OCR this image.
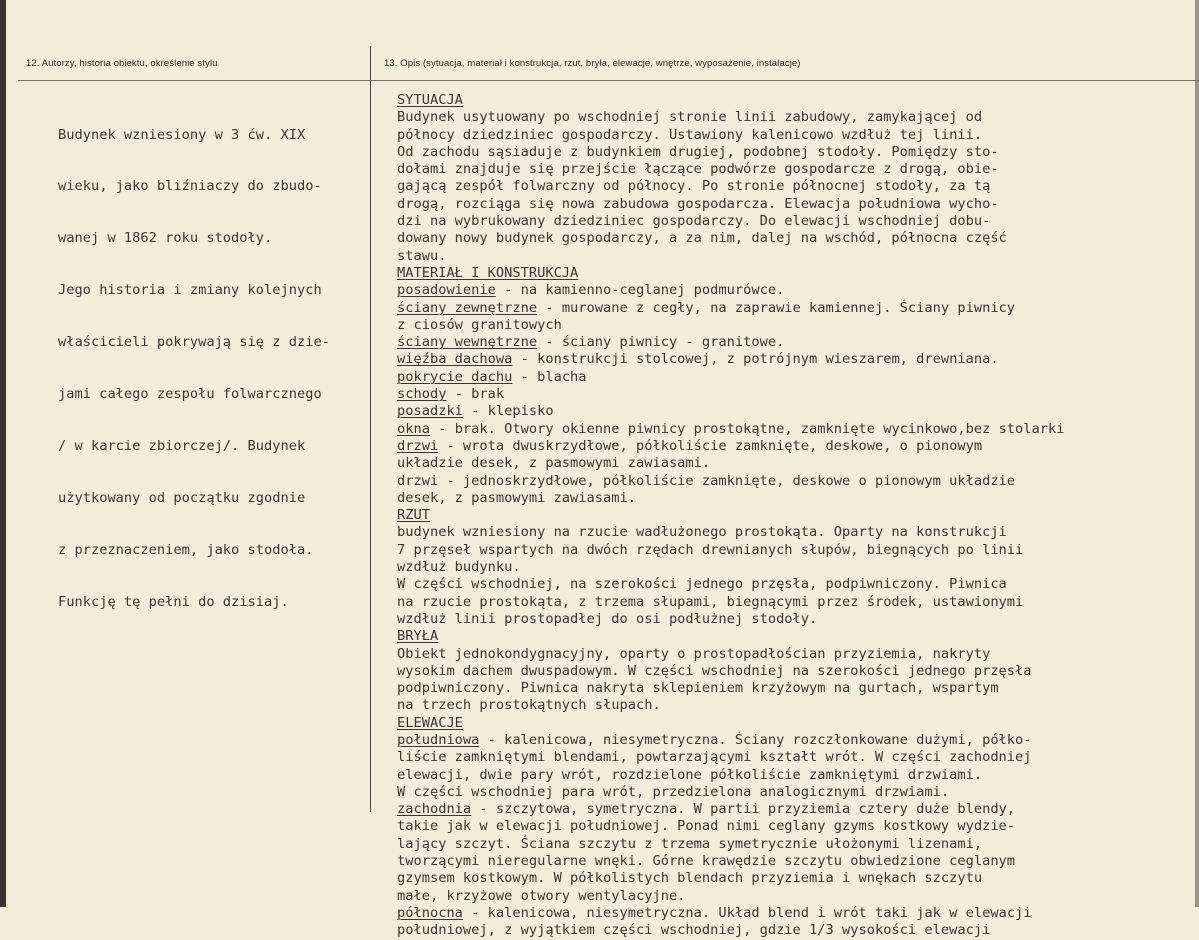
12. Autorzy, historia obiektu, określenie stylu	13. Opis (sytuacja, materiał i konstrukcja, rzut, bryła, elewacje, wnętrze, wyposażenie, instalacje)

Budynek wzniesiony w 3 ćw. XIX

wieku, jako bliźniaczy do zbudo-

wanej w 1862 roku stodoły.

Jego historia i zmiany kolejnych

właścicieli pokrywają się z dzie-

jami całego zespołu folwarcznego

/ w karcie zbiorczej/. Budynek

użytkowany od początku zgodnie

z przeznaczeniem, jako stodoła.

Funkcję tę pełni do dzisiaj.

SYTUACJA
Budynek usytuowany po wschodniej stronie linii zabudowy, zamykającej od
północy dziedziniec gospodarczy. Ustawiony kalenicowo wzdłuż tej linii.
Od zachodu sąsiaduje z budynkiem drugiej, podobnej stodoły. Pomiędzy sto-
dołami znajduje się przejście łączące podwórze gospodarcze z drogą, obie-
gającą zespół folwarczny od północy. Po stronie północnej stodoły, za tą
drogą, rozciąga się nowa zabudowa gospodarcza. Elewacja południowa wycho-
dzi na wybrukowany dziedziniec gospodarczy. Do elewacji wschodniej dobu-
dowany nowy budynek gospodarczy, a za nim, dalej na wschód, północna część
stawu.
MATERIAŁ I KONSTRUKCJA
posadowienie - na kamienno-ceglanej podmurówce.
ściany zewnętrzne - murowane z cegły, na zaprawie kamiennej. Ściany piwnicy
z ciosów granitowych
ściany wewnętrzne - ściany piwnicy - granitowe.
więźba dachowa - konstrukcji stolcowej, z potrójnym wieszarem, drewniana.
pokrycie dachu - blacha
schody - brak
posadzki - klepisko
okna - brak. Otwory okienne piwnicy prostokątne, zamknięte wycinkowo,bez stolarki
drzwi - wrota dwuskrzydłowe, półkoliście zamknięte, deskowe, o pionowym
układzie desek, z pasmowymi zawiasami.
drzwi - jednoskrzydłowe, półkoliście zamknięte, deskowe o pionowym układzie
desek, z pasmowymi zawiasami.
RZUT
budynek wzniesiony na rzucie wadłużonego prostokąta. Oparty na konstrukcji
7 przęseł wspartych na dwóch rzędach drewnianych słupów, biegnących po linii
wzdłuż budynku.
W części wschodniej, na szerokości jednego przęsła, podpiwniczony. Piwnica
na rzucie prostokąta, z trzema słupami, biegnącymi przez środek, ustawionymi
wzdłuż linii prostopadłej do osi podłużnej stodoły.
BRYŁA
Obiekt jednokondygnacyjny, oparty o prostopadłościan przyziemia, nakryty
wysokim dachem dwuspadowym. W części wschodniej na szerokości jednego przęsła
podpiwniczony. Piwnica nakryta sklepieniem krzyżowym na gurtach, wspartym
na trzech prostokątnych słupach.
ELEWACJE
południowa - kalenicowa, niesymetryczna. Ściany rozczłonkowane dużymi, półko-
liście zamkniętymi blendami, powtarzającymi kształt wrót. W części zachodniej
elewacji, dwie pary wrót, rozdzielone półkoliście zamkniętymi drzwiami.
W części wschodniej para wrót, przedzielona analogicznymi drzwiami.
zachodnia - szczytowa, symetryczna. W partii przyziemia cztery duże blendy,
takie jak w elewacji południowej. Ponad nimi ceglany gzyms kostkowy wydzie-
lający szczyt. Ściana szczytu z trzema symetrycznie ułożonymi lizenami,
tworzącymi nieregularne wnęki. Górne krawędzie szczytu obwiedzione ceglanym
gzymsem kostkowym. W półkolistych blendach przyziemia i wnękach szczytu
małe, krzyżowe otwory wentylacyjne.
północna - kalenicowa, niesymetryczna. Układ blend i wrót taki jak w elewacji
południowej, z wyjątkiem części wschodniej, gdzie 1/3 wysokości elewacji
